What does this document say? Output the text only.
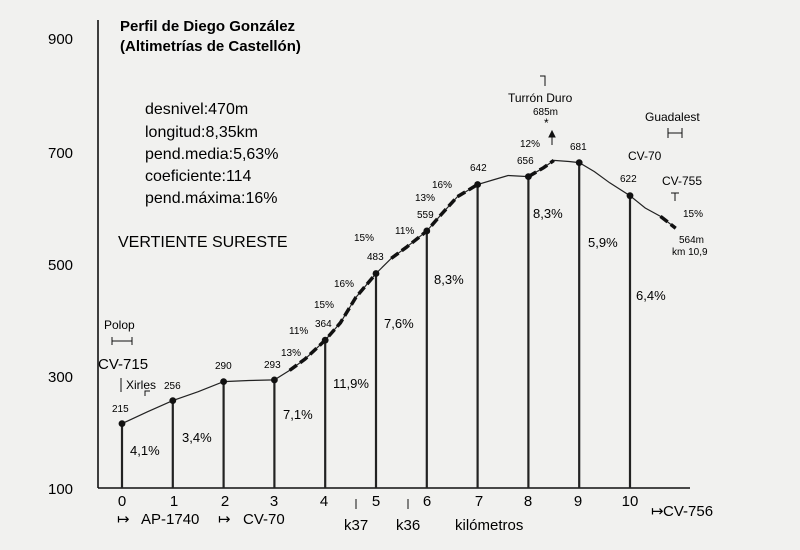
Perfil de Diego González
(Altimetrías de Castellón)
900
700
500
300
100
0	1	2	3	4	5	6	7	8	9	10
desnivel:470m
longitud:8,35km
pend.media:5,63%
coeficiente:114
pend.máxima:16%
VERTIENTE SURESTE
215
256
290	293
364
483
559
642
656
681
622
4,1%
3,4%
7,1%
11,9%
7,6%
8,3%
8,3%
5,9%
6,4%
13%
11%
15%
16%
15%
11%
13%
16%
12%
15%
Polop
CV-715
Xirles
Turrón Duro
685m
*	Guadalest
CV-70
CV-755
564m
km 10,9
↦ AP-1740 ↦ CV-70	k37 k36 kilómetros
↦ CV-756
